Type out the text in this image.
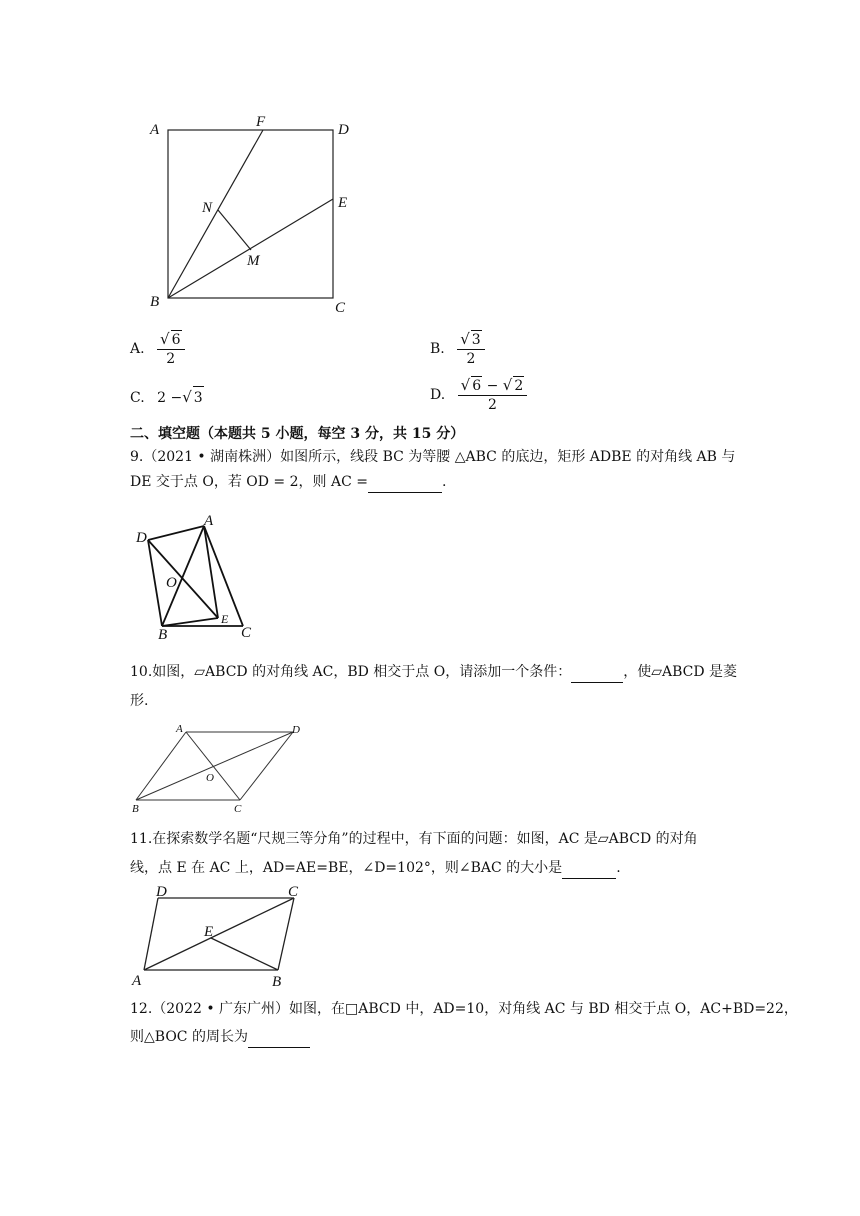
A	F	D
N	E
M
B	C
A. $\frac{√ 6}{2}$	B. $\frac{√ 3}{2}$
C. 2 −√ 3	D. $\frac{√ 6 - √ 2}{2}$
二、填空题（本题共 5 小题，每空 3 分，共 15 分）
9.（2021 • 湖南株洲）如图所示，线段 BC 为等腰 △ABC 的底边，矩形 ADBE 的对角线 AB 与
DE 交于点 O，若 OD = 2，则 AC =	.
D
A
O
E
B	C
10.如图，▱ABCD 的对角线 AC，BD 相交于点 O，请添加一个条件：	，使▱ABCD 是菱
形.
A	D
O
B	C
11.在探索数学名题“尺规三等分角”的过程中，有下面的问题：如图，AC 是▱ABCD 的对角
线，点 E 在 AC 上，AD=AE=BE，∠D=102°，则∠BAC 的大小是	.
D	C
E
A	B
12.（2022 • 广东广州）如图，在□ABCD 中，AD=10，对角线 AC 与 BD 相交于点 O，AC+BD=22，
则△BOC 的周长为
